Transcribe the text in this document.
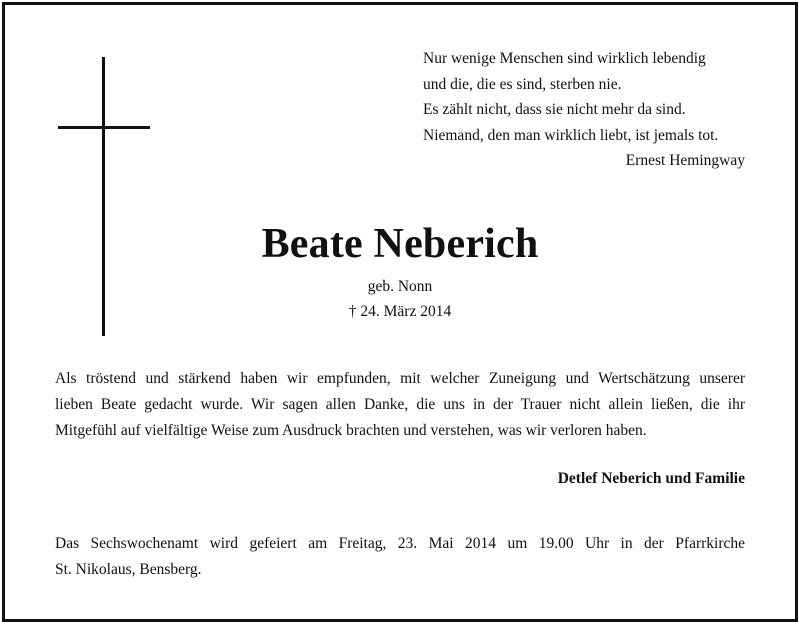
Nur wenige Menschen sind wirklich lebendig
und die, die es sind, sterben nie.
Es zählt nicht, dass sie nicht mehr da sind.
Niemand, den man wirklich liebt, ist jemals tot.
Ernest Hemingway
Beate Neberich
geb. Nonn
† 24. März 2014
Als tröstend und stärkend haben wir empfunden, mit welcher Zuneigung und Wertschätzung unserer
lieben Beate gedacht wurde. Wir sagen allen Danke, die uns in der Trauer nicht allein ließen, die ihr
Mitgefühl auf vielfältige Weise zum Ausdruck brachten und verstehen, was wir verloren haben.
Detlef Neberich und Familie
Das Sechswochenamt wird gefeiert am Freitag, 23. Mai 2014 um 19.00 Uhr in der Pfarrkirche
St. Nikolaus, Bensberg.
